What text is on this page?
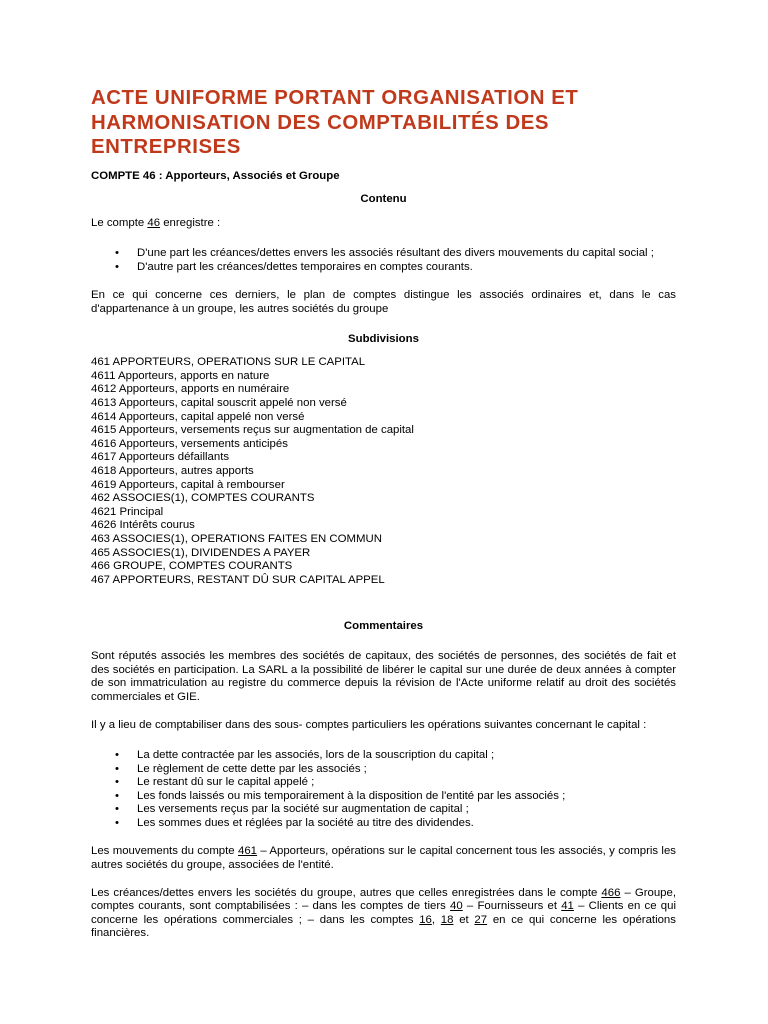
ACTE UNIFORME PORTANT ORGANISATION ET HARMONISATION DES COMPTABILITÉS DES ENTREPRISES
COMPTE 46 : Apporteurs, Associés et Groupe
Contenu

Le compte 46 enregistre :

• D'une part les créances/dettes envers les associés résultant des divers mouvements du capital social ;
• D'autre part les créances/dettes temporaires en comptes courants.

En ce qui concerne ces derniers, le plan de comptes distingue les associés ordinaires et, dans le cas d'appartenance à un groupe, les autres sociétés du groupe

Subdivisions
461 APPORTEURS, OPERATIONS SUR LE CAPITAL
4611 Apporteurs, apports en nature
4612 Apporteurs, apports en numéraire
4613 Apporteurs, capital souscrit appelé non versé
4614 Apporteurs, capital appelé non versé
4615 Apporteurs, versements reçus sur augmentation de capital
4616 Apporteurs, versements anticipés
4617 Apporteurs défaillants
4618 Apporteurs, autres apports
4619 Apporteurs, capital à rembourser
462 ASSOCIES(1), COMPTES COURANTS
4621 Principal
4626 Intérêts courus
463 ASSOCIES(1), OPERATIONS FAITES EN COMMUN
465 ASSOCIES(1), DIVIDENDES A PAYER
466 GROUPE, COMPTES COURANTS
467 APPORTEURS, RESTANT DÛ SUR CAPITAL APPEL
Commentaires

Sont réputés associés les membres des sociétés de capitaux, des sociétés de personnes, des sociétés de fait et des sociétés en participation. La SARL a la possibilité de libérer le capital sur une durée de deux années à compter de son immatriculation au registre du commerce depuis la révision de l'Acte uniforme relatif au droit des sociétés commerciales et GIE.

Il y a lieu de comptabiliser dans des sous- comptes particuliers les opérations suivantes concernant le capital :

• La dette contractée par les associés, lors de la souscription du capital ;
• Le règlement de cette dette par les associés ;
• Le restant dû sur le capital appelé ;
• Les fonds laissés ou mis temporairement à la disposition de l'entité par les associés ;
• Les versements reçus par la société sur augmentation de capital ;
• Les sommes dues et réglées par la société au titre des dividendes.

Les mouvements du compte 461 – Apporteurs, opérations sur le capital concernent tous les associés, y compris les autres sociétés du groupe, associées de l'entité.

Les créances/dettes envers les sociétés du groupe, autres que celles enregistrées dans le compte 466 – Groupe, comptes courants, sont comptabilisées : – dans les comptes de tiers 40 – Fournisseurs et 41 – Clients en ce qui concerne les opérations commerciales ; – dans les comptes 16, 18 et 27 en ce qui concerne les opérations financières.
